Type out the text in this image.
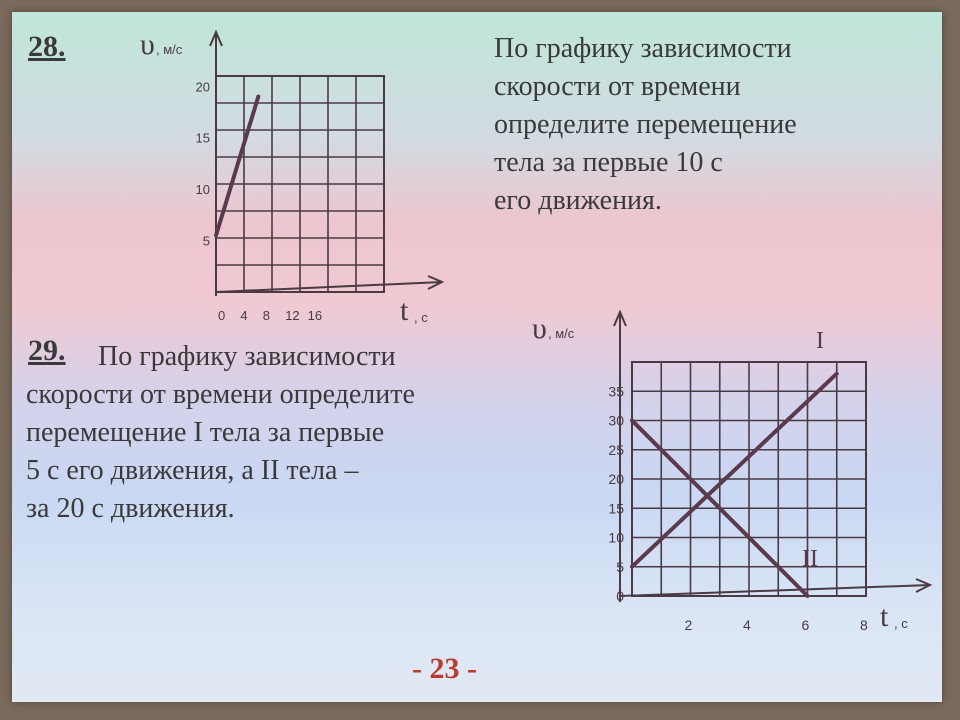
28.	По графику зависимости
скорости от времени
определите перемещение
тела за первые 10 с
его движения.
υ , м/с
t , с
20
15
10
5
0 4 8 12 16
29. По графику зависимости
скорости от времени определите
перемещение I тела за первые
5 с его движения, а II тела –
за 20 с движения.
υ , м/с
t , с
I
II
35
30
25
20
15
10
5
0
2	4	6	8
- 23 -
